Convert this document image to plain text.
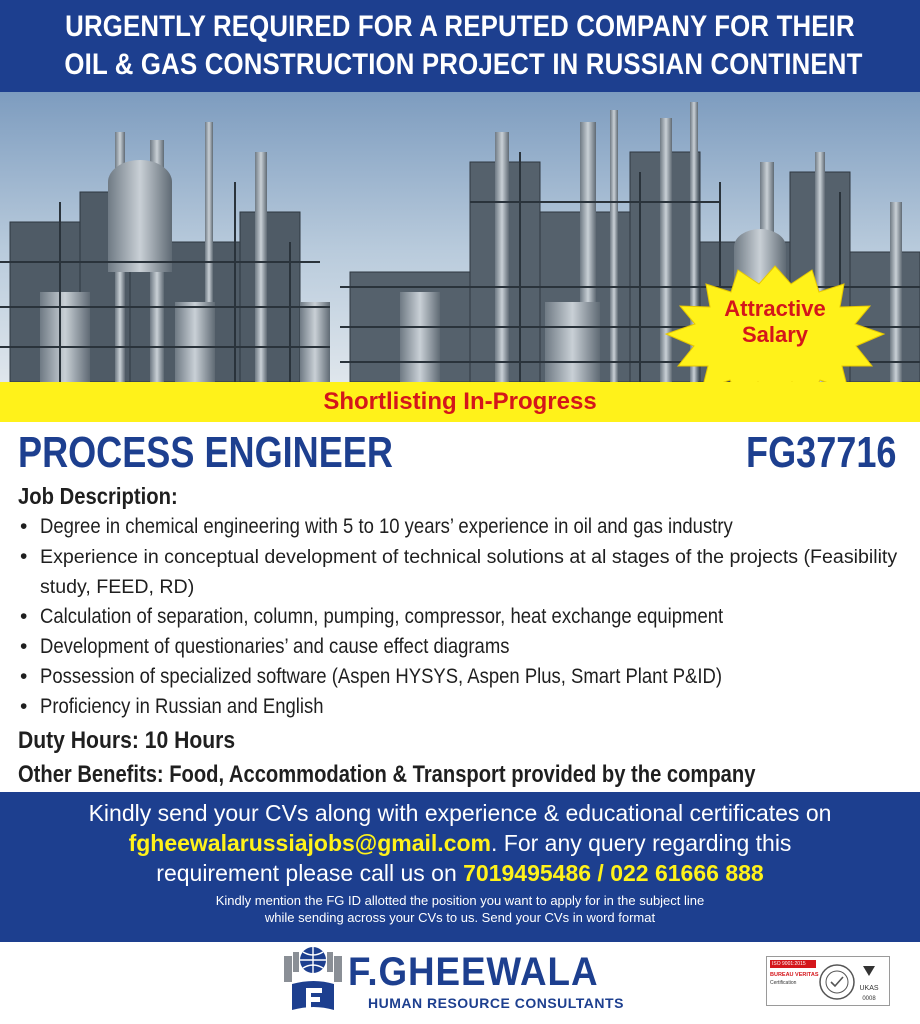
URGENTLY REQUIRED FOR A REPUTED COMPANY FOR THEIR
OIL & GAS CONSTRUCTION PROJECT IN RUSSIAN CONTINENT
Attractive
Salary
Shortlisting In-Progress
PROCESS ENGINEER	FG37716
Job Description:
• Degree in chemical engineering with 5 to 10 years’ experience in oil and gas industry
• Experience in conceptual development of technical solutions at al stages of the projects (Feasibility study, FEED, RD)
• Calculation of separation, column, pumping, compressor, heat exchange equipment
• Development of questionaries’ and cause effect diagrams
• Possession of specialized software (Aspen HYSYS, Aspen Plus, Smart Plant P&ID)
• Proficiency in Russian and English
Duty Hours: 10 Hours
Other Benefits: Food, Accommodation & Transport provided by the company
Kindly send your CVs along with experience & educational certificates on
fgheewalarussiajobs@gmail.com. For any query regarding this
requirement please call us on 7019495486 / 022 61666 888
Kindly mention the FG ID allotted the position you want to apply for in the subject line
while sending across your CVs to us. Send your CVs in word format
F.GHEEWALA
HUMAN RESOURCE CONSULTANTS
ISO 9001:2015
BUREAU VERITAS
Certification
UKAS
0008
